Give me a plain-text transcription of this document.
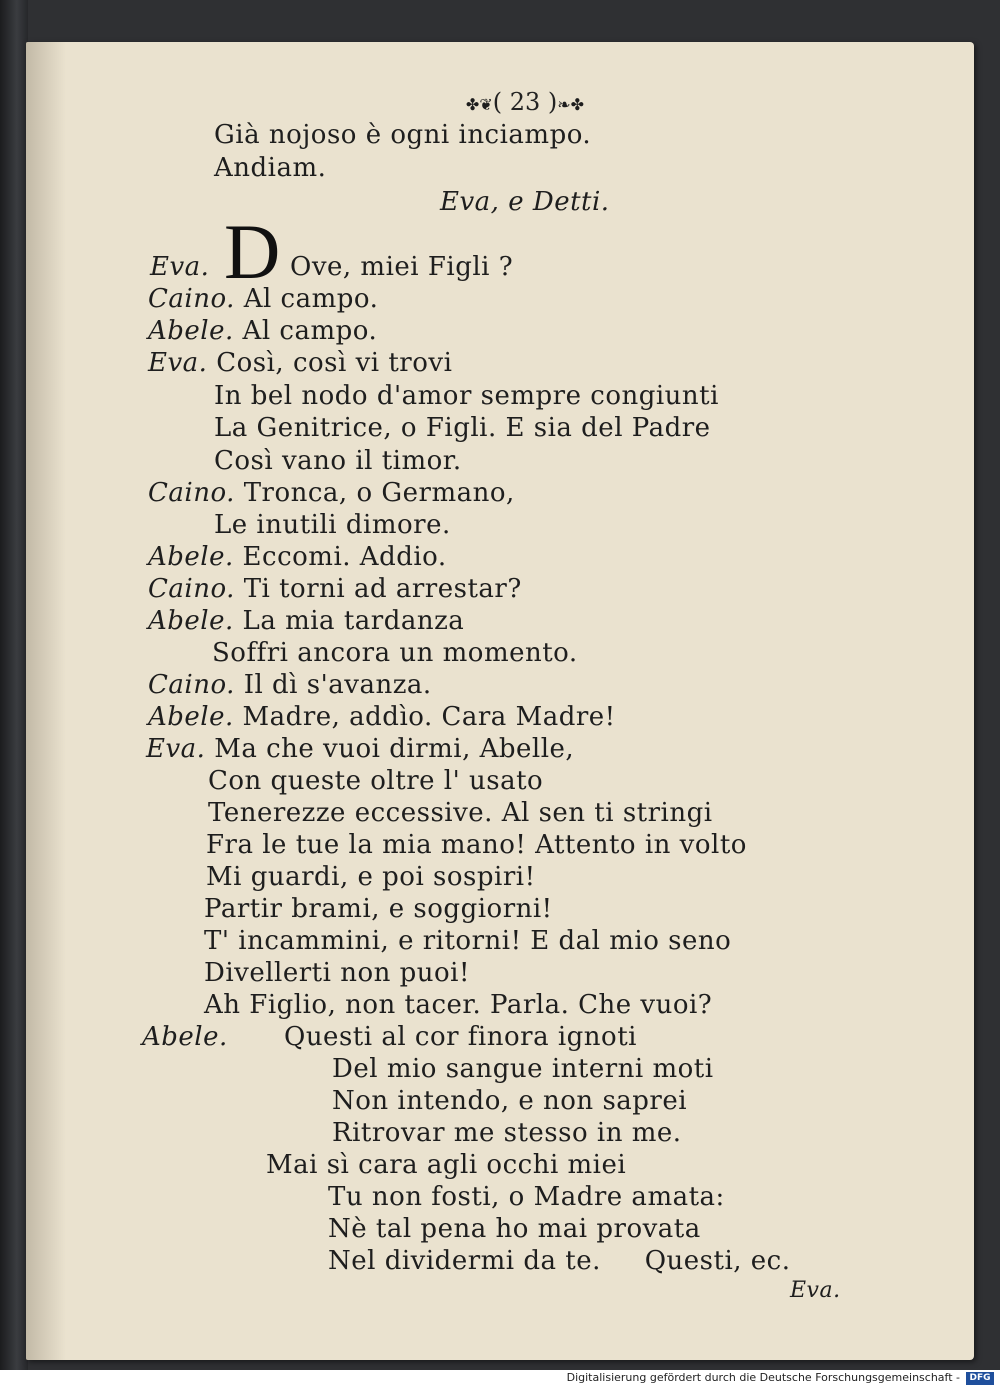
✤❦( 23 )❧✤
D
Già nojoso è ogni inciampo.
Andiam.
Eva, e Detti.
Eva.	Ove, miei Figli ?
Caino. Al campo.
Abele. Al campo.
Eva. Così, così vi trovi
In bel nodo d'amor sempre congiunti
La Genitrice, o Figli. E sia del Padre
Così vano il timor.
Caino. Tronca, o Germano,
Le inutili dimore.
Abele. Eccomi. Addio.
Caino. Ti torni ad arrestar?
Abele. La mia tardanza
Soffri ancora un momento.
Caino. Il dì s'avanza.
Abele. Madre, addìo. Cara Madre!
Eva. Ma che vuoi dirmi, Abelle,
Con queste oltre l' usato
Tenerezze eccessive. Al sen ti stringi
Fra le tue la mia mano! Attento in volto
Mi guardi, e poi sospiri!
Partir brami, e soggiorni!
T' incammini, e ritorni! E dal mio seno
Divellerti non puoi!
Ah Figlio, non tacer. Parla. Che vuoi?
Abele. Questi al cor finora ignoti
Del mio sangue interni moti
Non intendo, e non saprei
Ritrovar me stesso in me.
Mai sì cara agli occhi miei
Tu non fosti, o Madre amata:
Nè tal pena ho mai provata
Nel dividermi da te.     Questi, ec.
Eva.
Digitalisierung gefördert durch die Deutsche Forschungsgemeinschaft -	DFG
